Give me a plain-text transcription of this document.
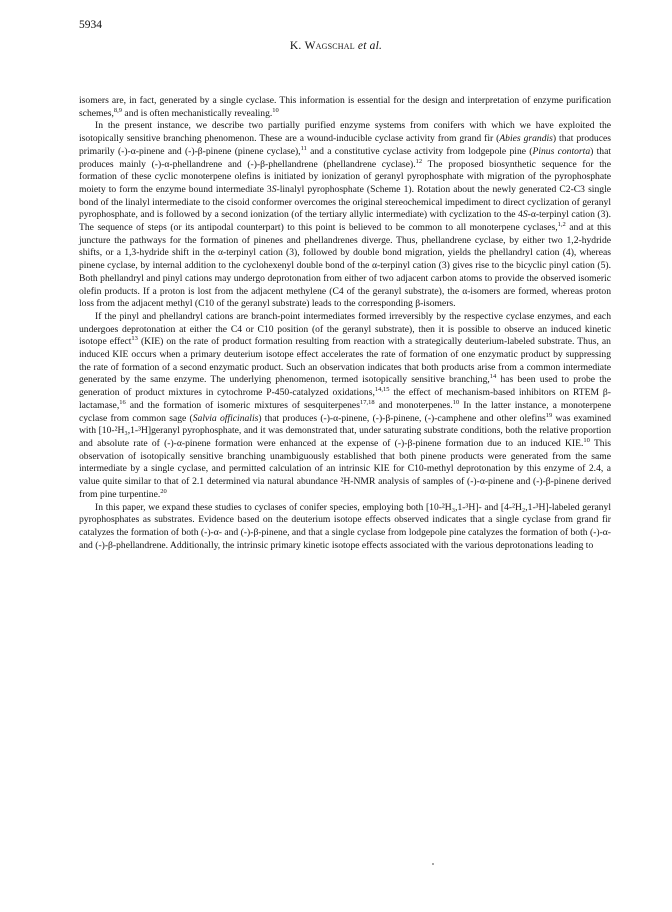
5934
K. Wagschal et al.

isomers are, in fact, generated by a single cyclase. This information is essential for the design and interpretation of enzyme purification schemes,$^{8,9}$ and is often mechanistically revealing.$^{10}$

In the present instance, we describe two partially purified enzyme systems from conifers with which we have exploited the isotopically sensitive branching phenomenon. These are a wound-inducible cyclase activity from grand fir (Abies grandis) that produces primarily (-)-α-pinene and (-)-β-pinene (pinene cyclase),$^{11}$ and a constitutive cyclase activity from lodgepole pine (Pinus contorta) that produces mainly (-)-α-phellandrene and (-)-β-phellandrene (phellandrene cyclase).$^{12}$ The proposed biosynthetic sequence for the formation of these cyclic monoterpene olefins is initiated by ionization of geranyl pyrophosphate with migration of the pyrophosphate moiety to form the enzyme bound intermediate 3S-linalyl pyrophosphate (Scheme 1). Rotation about the newly generated C2-C3 single bond of the linalyl intermediate to the cisoid conformer overcomes the original stereochemical impediment to direct cyclization of geranyl pyrophosphate, and is followed by a second ionization (of the tertiary allylic intermediate) with cyclization to the 4S-α-terpinyl cation (3). The sequence of steps (or its antipodal counterpart) to this point is believed to be common to all monoterpene cyclases,$^{1,2}$ and at this juncture the pathways for the formation of pinenes and phellandrenes diverge. Thus, phellandrene cyclase, by either two 1,2-hydride shifts, or a 1,3-hydride shift in the α-terpinyl cation (3), followed by double bond migration, yields the phellandryl cation (4), whereas pinene cyclase, by internal addition to the cyclohexenyl double bond of the α-terpinyl cation (3) gives rise to the bicyclic pinyl cation (5). Both phellandryl and pinyl cations may undergo deprotonation from either of two adjacent carbon atoms to provide the observed isomeric olefin products. If a proton is lost from the adjacent methylene (C4 of the geranyl substrate), the α-isomers are formed, whereas proton loss from the adjacent methyl (C10 of the geranyl substrate) leads to the corresponding β-isomers.

If the pinyl and phellandryl cations are branch-point intermediates formed irreversibly by the respective cyclase enzymes, and each undergoes deprotonation at either the C4 or C10 position (of the geranyl substrate), then it is possible to observe an induced kinetic isotope effect$^{13}$ (KIE) on the rate of product formation resulting from reaction with a strategically deuterium-labeled substrate. Thus, an induced KIE occurs when a primary deuterium isotope effect accelerates the rate of formation of one enzymatic product by suppressing the rate of formation of a second enzymatic product. Such an observation indicates that both products arise from a common intermediate generated by the same enzyme. The underlying phenomenon, termed isotopically sensitive branching,$^{14}$ has been used to probe the generation of product mixtures in cytochrome P-450-catalyzed oxidations,$^{14,15}$ the effect of mechanism-based inhibitors on RTEM β-lactamase,$^{16}$ and the formation of isomeric mixtures of sesquiterpenes$^{17,18}$ and monoterpenes.$^{10}$ In the latter instance, a monoterpene cyclase from common sage (Salvia officinalis) that produces (-)-α-pinene, (-)-β-pinene, (-)-camphene and other olefins$^{19}$ was examined with [10-²H₃,1-³H]geranyl pyrophosphate, and it was demonstrated that, under saturating substrate conditions, both the relative proportion and absolute rate of (-)-α-pinene formation were enhanced at the expense of (-)-β-pinene formation due to an induced KIE.$^{10}$ This observation of isotopically sensitive branching unambiguously established that both pinene products were generated from the same intermediate by a single cyclase, and permitted calculation of an intrinsic KIE for C10-methyl deprotonation by this enzyme of 2.4, a value quite similar to that of 2.1 determined via natural abundance ²H-NMR analysis of samples of (-)-α-pinene and (-)-β-pinene derived from pine turpentine.$^{20}$

In this paper, we expand these studies to cyclases of conifer species, employing both [10-²H₃,1-³H]- and [4-²H₂,1-³H]-labeled geranyl pyrophosphates as substrates. Evidence based on the deuterium isotope effects observed indicates that a single cyclase from grand fir catalyzes the formation of both (-)-α- and (-)-β-pinene, and that a single cyclase from lodgepole pine catalyzes the formation of both (-)-α- and (-)-β-phellandrene. Additionally, the intrinsic primary kinetic isotope effects associated with the various deprotonations leading to
